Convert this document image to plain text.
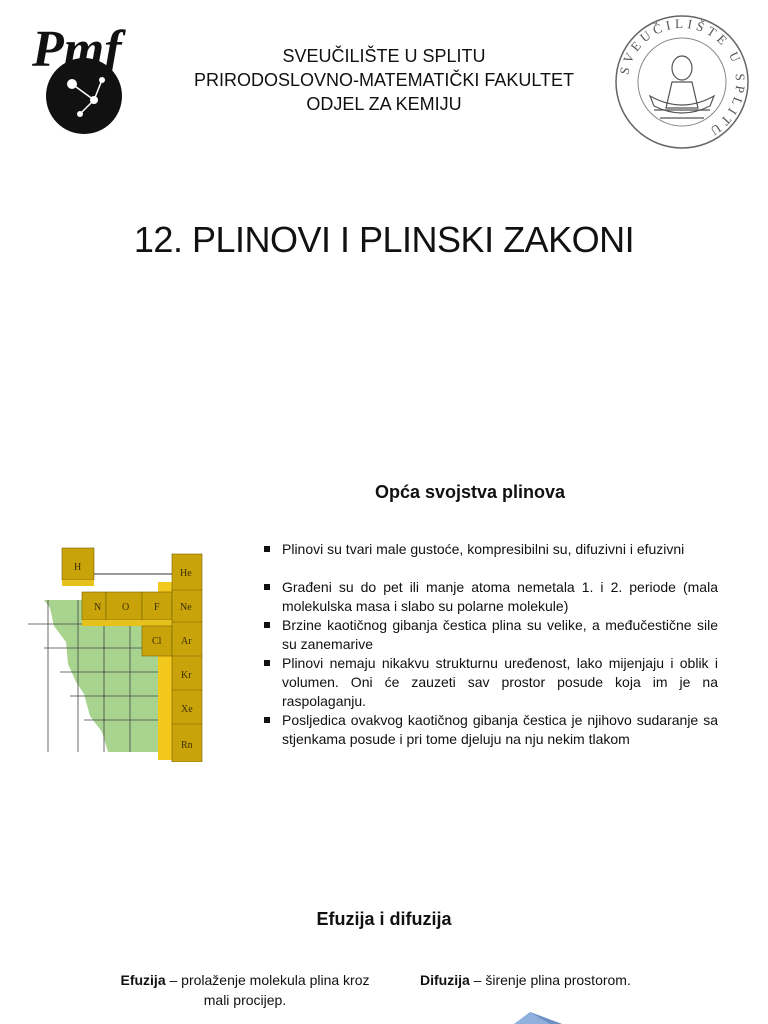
SVEUČILIŠTE U SPLITU
PRIRODOSLOVNO-MATEMATIČKI FAKULTET
ODJEL ZA KEMIJU
Pmf	SVEUČILIŠTE U SPLITU
12. PLINOVI I PLINSKI ZAKONI
Opća svojstva plinova
H
He
N O F Ne
Cl Ar
Kr
Xe
Rn
Plinovi su tvari male gustoće, kompresibilni su, difuzivni i efuzivni
Građeni su do pet ili manje atoma nemetala 1. i 2. periode (mala molekulska masa i slabo su polarne molekule)
Brzine kaotičnog gibanja čestica plina su velike, a međučestične sile su zanemarive
Plinovi nemaju nikakvu strukturnu uređenost, lako mijenjaju i oblik i volumen. Oni će zauzeti sav prostor posude koja im je na raspolaganju.
Posljedica ovakvog kaotičnog gibanja čestica je njihovo sudaranje sa stjenkama posude i pri tome djeluju na nju nekim tlakom
Efuzija i difuzija
Efuzija – prolaženje molekula plina kroz mali procijep.
Difuzija – širenje plina prostorom.
